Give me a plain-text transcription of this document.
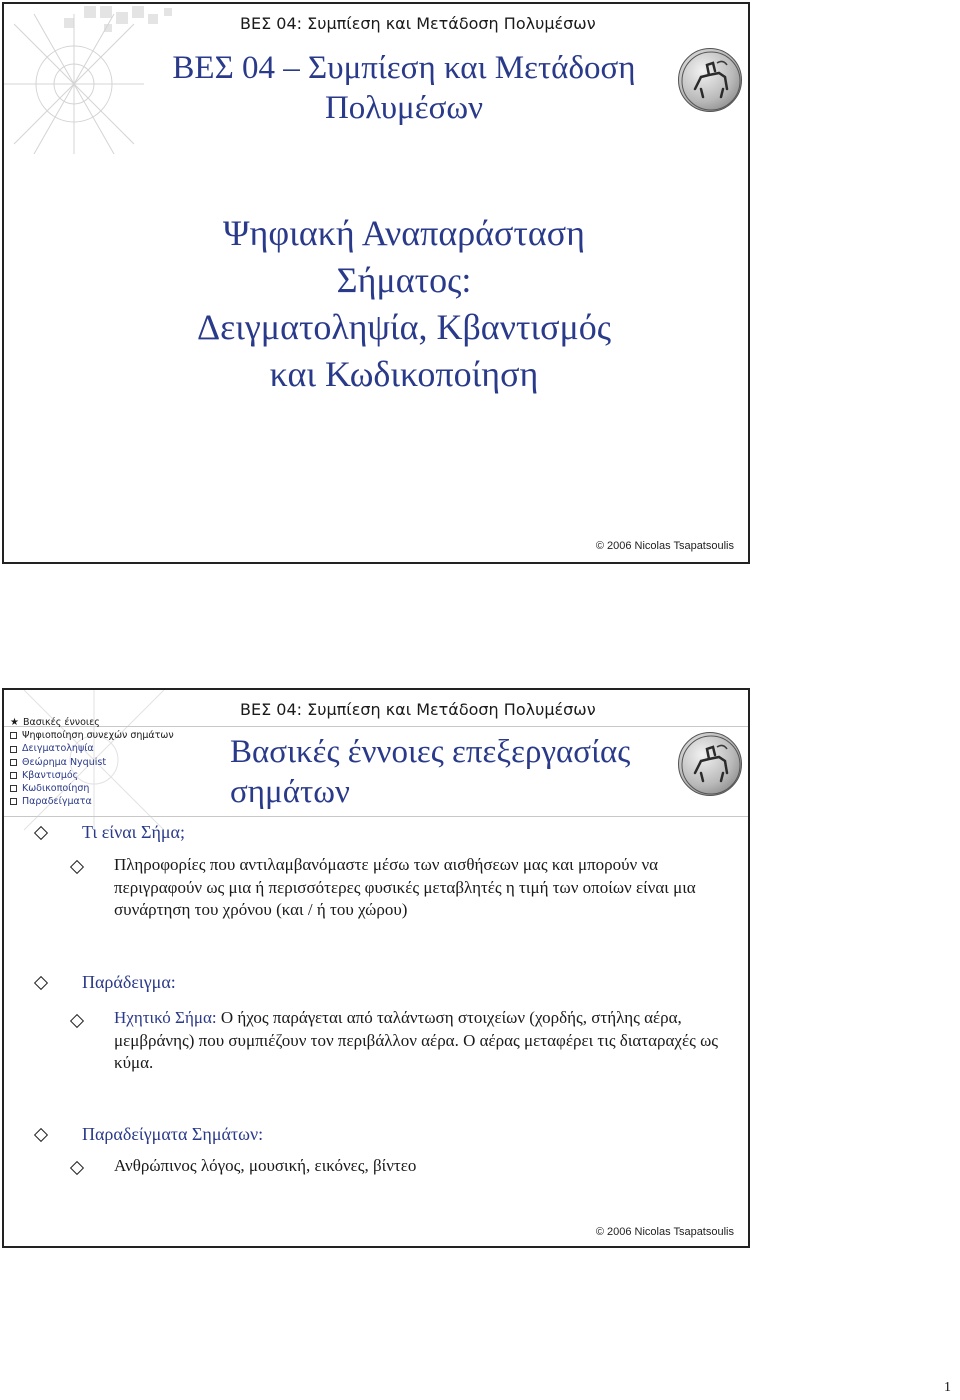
ΒΕΣ 04: Συμπίεση και Μετάδοση Πολυμέσων
ΒΕΣ 04 – Συμπίεση και Μετάδοση Πολυμέσων
Ψηφιακή Αναπαράσταση
Σήματος:
Δειγματοληψία, Κβαντισμός
και Κωδικοποίηση
© 2006 Nicolas Tsapatsoulis
ΒΕΣ 04: Συμπίεση και Μετάδοση Πολυμέσων
★ Βασικές έννοιες
Ψηφιοποίηση συνεχών σημάτων
Δειγματοληψία
Θεώρημα Nyquist
Κβαντισμός
Κωδικοποίηση
Παραδείγματα
Βασικές έννοιες επεξεργασίας σημάτων
Τι είναι Σήμα;
Πληροφορίες που αντιλαμβανόμαστε μέσω των αισθήσεων μας και μπορούν να περιγραφούν ως μια ή περισσότερες φυσικές μεταβλητές η τιμή των οποίων είναι μια συνάρτηση του χρόνου (και / ή του χώρου)
Παράδειγμα:
Ηχητικό Σήμα: Ο ήχος παράγεται από ταλάντωση στοιχείων (χορδής, στήλης αέρα, μεμβράνης) που συμπιέζουν τον περιβάλλον αέρα. Ο αέρας μεταφέρει τις διαταραχές ως κύμα.
Παραδείγματα Σημάτων:
Ανθρώπινος λόγος, μουσική, εικόνες, βίντεο
© 2006 Nicolas Tsapatsoulis
1
